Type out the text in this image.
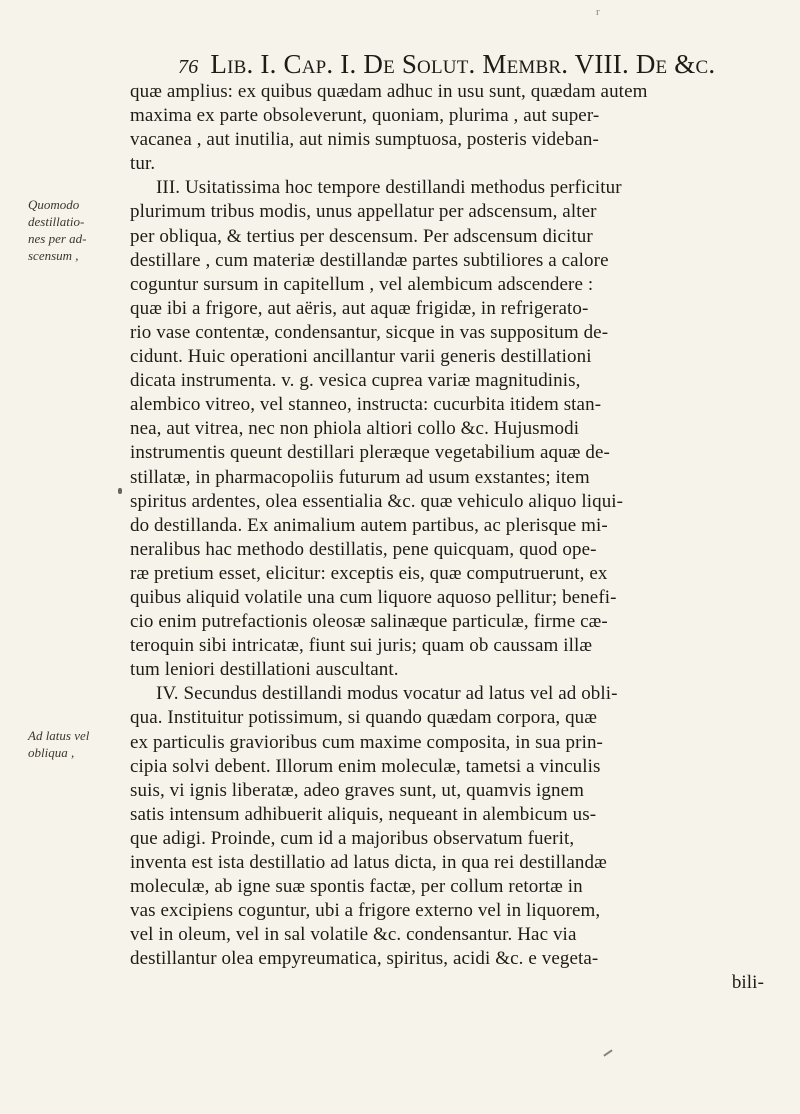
r
76 Lib. I. Cap. I. De Solut. Membr. VIII. De &c.
Quomodo
destillatio-
nes per ad-
scensum ,
Ad latus vel
obliqua ,
quæ amplius: ex quibus quædam adhuc in usu sunt, quædam autem
maxima ex parte obsoleverunt, quoniam, plurima , aut super-
vacanea , aut inutilia, aut nimis sumptuosa, posteris videban-
tur.
III. Usitatissima hoc tempore destillandi methodus perficitur
plurimum tribus modis, unus appellatur per adscensum, alter
per obliqua, & tertius per descensum. Per adscensum dicitur
destillare , cum materiæ destillandæ partes subtiliores a calore
coguntur sursum in capitellum , vel alembicum adscendere :
quæ ibi a frigore, aut aëris, aut aquæ frigidæ, in refrigerato-
rio vase contentæ, condensantur, sicque in vas suppositum de-
cidunt. Huic operationi ancillantur varii generis destillationi
dicata instrumenta. v. g. vesica cuprea variæ magnitudinis,
alembico vitreo, vel stanneo, instructa: cucurbita itidem stan-
nea, aut vitrea, nec non phiola altiori collo &c. Hujusmodi
instrumentis queunt destillari pleræque vegetabilium aquæ de-
stillatæ, in pharmacopoliis futurum ad usum exstantes; item
spiritus ardentes, olea essentialia &c. quæ vehiculo aliquo liqui-
do destillanda. Ex animalium autem partibus, ac plerisque mi-
neralibus hac methodo destillatis, pene quicquam, quod ope-
ræ pretium esset, elicitur: exceptis eis, quæ computruerunt, ex
quibus aliquid volatile una cum liquore aquoso pellitur; benefi-
cio enim putrefactionis oleosæ salinæque particulæ, firme cæ-
teroquin sibi intricatæ, fiunt sui juris; quam ob caussam illæ
tum leniori destillationi auscultant.
IV. Secundus destillandi modus vocatur ad latus vel ad obli-
qua. Instituitur potissimum, si quando quædam corpora, quæ
ex particulis gravioribus cum maxime composita, in sua prin-
cipia solvi debent. Illorum enim moleculæ, tametsi a vinculis
suis, vi ignis liberatæ, adeo graves sunt, ut, quamvis ignem
satis intensum adhibuerit aliquis, nequeant in alembicum us-
que adigi. Proinde, cum id a majoribus observatum fuerit,
inventa est ista destillatio ad latus dicta, in qua rei destillandæ
moleculæ, ab igne suæ spontis factæ, per collum retortæ in
vas excipiens coguntur, ubi a frigore externo vel in liquorem,
vel in oleum, vel in sal volatile &c. condensantur. Hac via
destillantur olea empyreumatica, spiritus, acidi &c. e vegeta-
bili-
